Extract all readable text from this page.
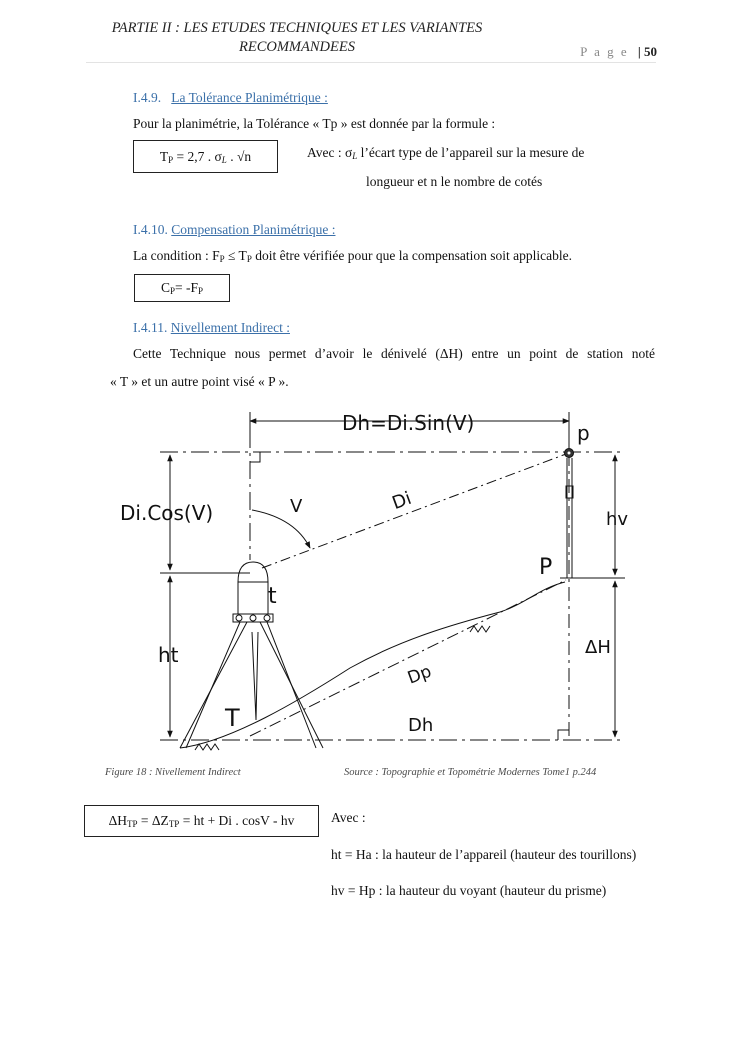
PARTIE II : LES ETUDES TECHNIQUES ET LES VARIANTES
RECOMMANDEES	P a g e | 50
I.4.9. La Tolérance Planimétrique :
Pour la planimétrie, la Tolérance « Tp » est donnée par la formule :
$T_P = 2,7$ . $\sigma_L$ . √n	Avec : $\sigma_L$ l’écart type de l’appareil sur la mesure de
longueur et n le nombre de cotés
I.4.10. Compensation Planimétrique :
La condition : $F_P \le T_P$ doit être vérifiée pour que la compensation soit applicable.
$C_P= -F_P$
I.4.11. Nivellement Indirect :
Cette Technique nous permet d’avoir le dénivelé (ΔH) entre un point de station noté
« T » et un autre point visé « P ».
Dh=Di.Sin(V)	p
Di.Cos(V)	V	Di
hv
t
P
ΔH
ht
Dp
T	Dh
Figure 18 : Nivellement Indirect	Source : Topographie et Topométrie Modernes Tome1 p.244
$\Delta H_{TP} = \Delta Z_{TP}$ = ht + Di . cosV - hv	Avec :
ht = Ha : la hauteur de l’appareil (hauteur des tourillons)
hv = Hp : la hauteur du voyant (hauteur du prisme)
